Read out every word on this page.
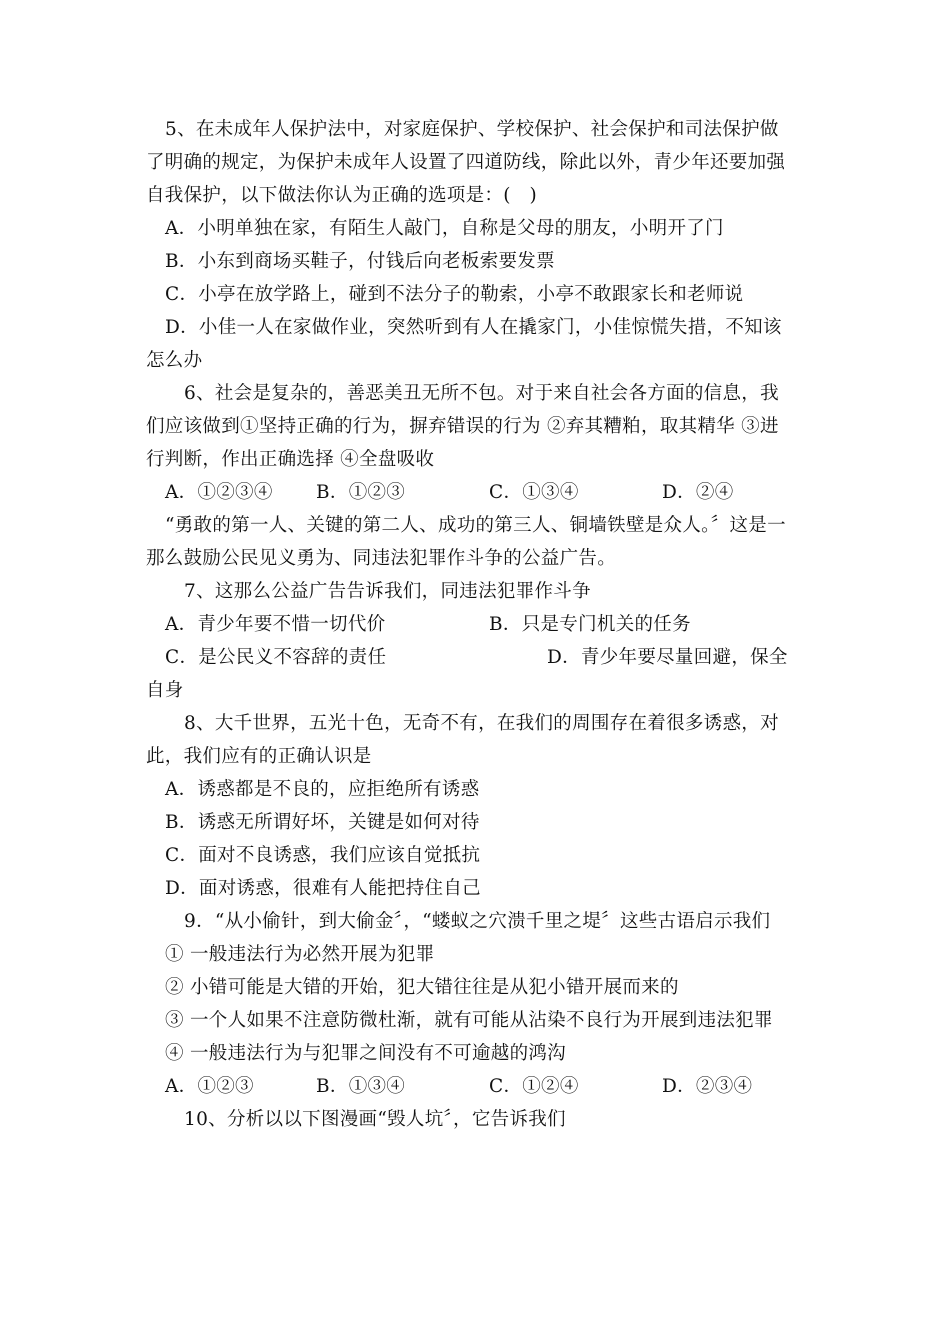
5、在未成年人保护法中，对家庭保护、学校保护、社会保护和司法保护做
了明确的规定，为保护未成年人设置了四道防线，除此以外，青少年还要加强
自我保护，以下做法你认为正确的选项是：(　)
A．小明单独在家，有陌生人敲门，自称是父母的朋友，小明开了门
B．小东到商场买鞋子，付钱后向老板索要发票
C．小亭在放学路上，碰到不法分子的勒索，小亭不敢跟家长和老师说
D．小佳一人在家做作业，突然听到有人在撬家门，小佳惊慌失措，不知该
怎么办
6、社会是复杂的，善恶美丑无所不包。对于来自社会各方面的信息，我
们应该做到①坚持正确的行为，摒弃错误的行为 ②弃其糟粕，取其精华 ③进
行判断，作出正确选择 ④全盘吸收
A．①②③④ B．①②③	C．①③④	D．②④
“勇敢的第一人、关键的第二人、成功的第三人、铜墙铁壁是众人。〞这是一
那么鼓励公民见义勇为、同违法犯罪作斗争的公益广告。
7、这那么公益广告告诉我们，同违法犯罪作斗争
A．青少年要不惜一切代价	B．只是专门机关的任务
C．是公民义不容辞的责任	D．青少年要尽量回避，保全
自身
8、大千世界，五光十色，无奇不有，在我们的周围存在着很多诱惑，对
此，我们应有的正确认识是
A．诱惑都是不良的，应拒绝所有诱惑
B．诱惑无所谓好坏，关键是如何对待
C．面对不良诱惑，我们应该自觉抵抗
D．面对诱惑，很难有人能把持住自己
9．“从小偷针，到大偷金〞，“蝼蚁之穴溃千里之堤〞这些古语启示我们
① 一般违法行为必然开展为犯罪
② 小错可能是大错的开始，犯大错往往是从犯小错开展而来的
③ 一个人如果不注意防微杜渐，就有可能从沾染不良行为开展到违法犯罪
④ 一般违法行为与犯罪之间没有不可逾越的鸿沟
A．①②③	B．①③④	C．①②④	D．②③④
10、分析以以下图漫画“毁人坑〞，它告诉我们
